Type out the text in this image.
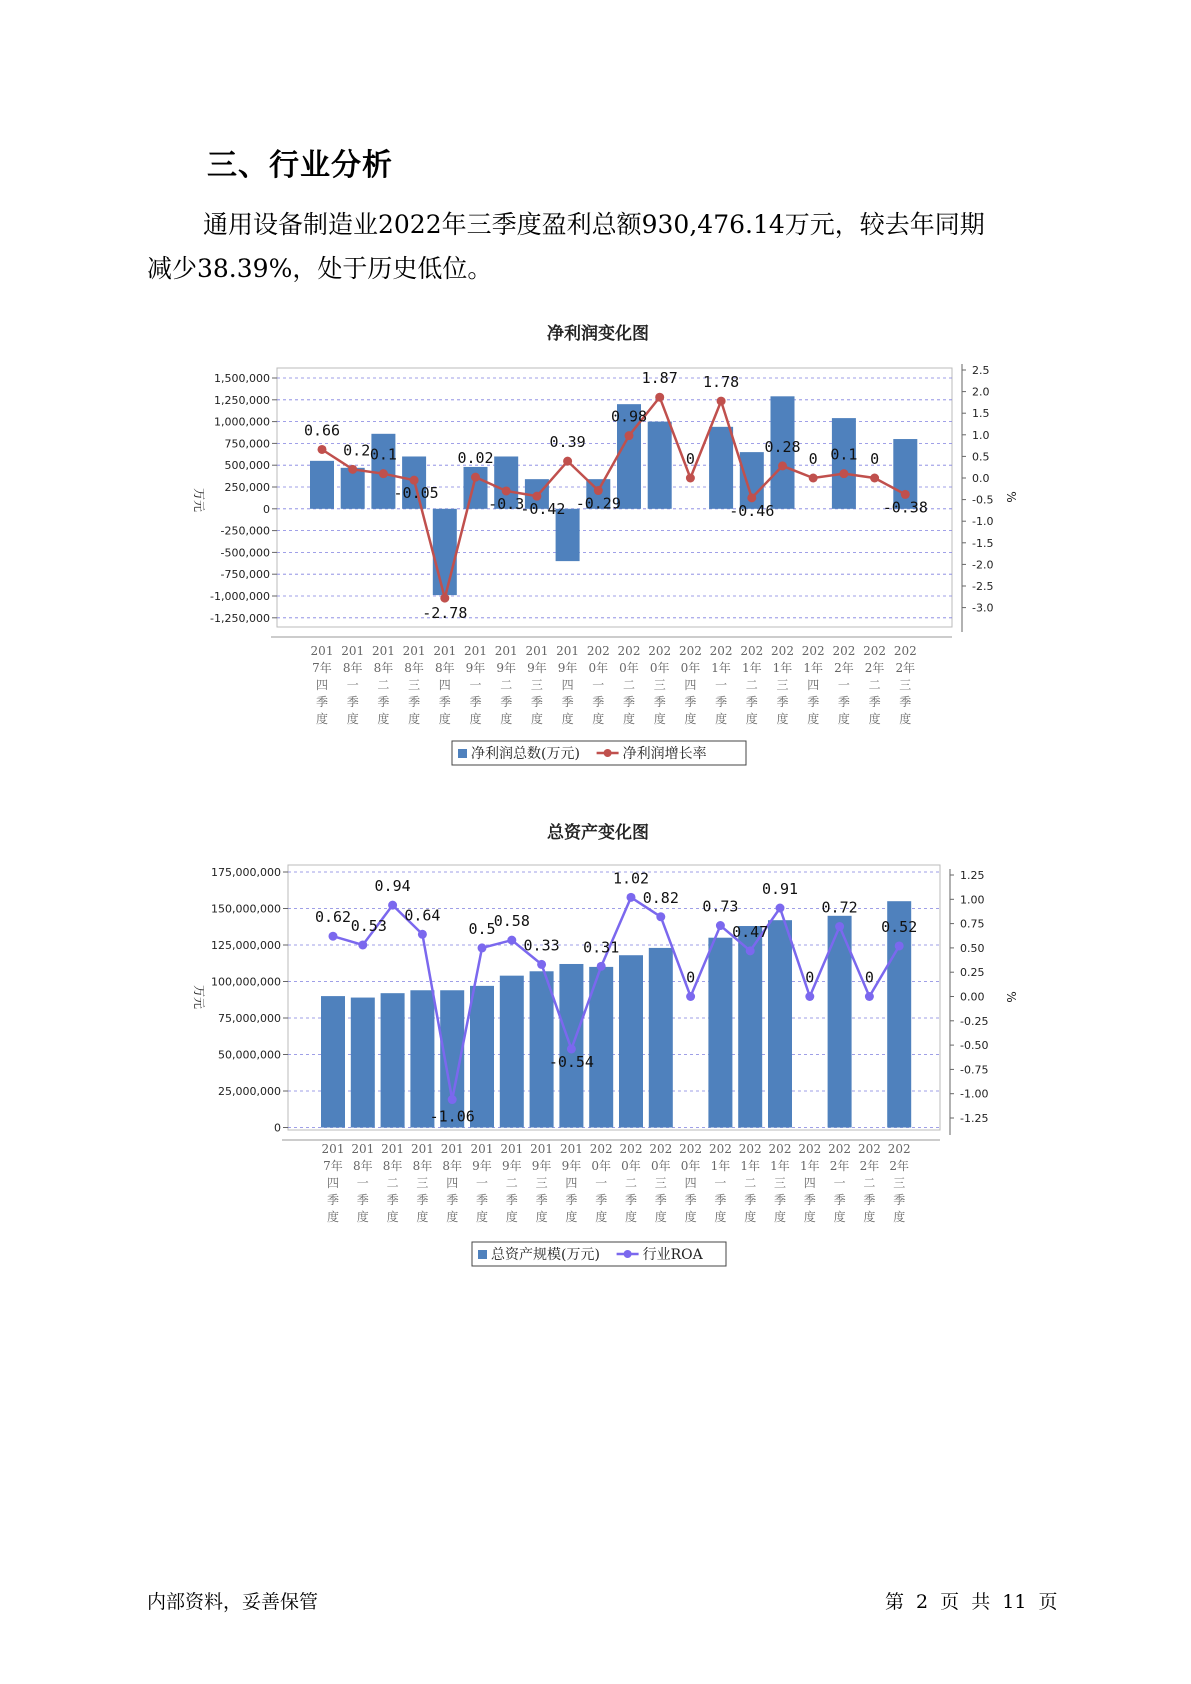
三、行业分析
通用设备制造业2022年三季度盈利总额930,476.14万元，较去年同期
减少38.39%，处于历史低位。
净利润变化图
1,500,000
1,250,000
1,000,000
750,000
500,000
250,000
0
-250,000
-500,000
-750,000
-1,000,000
-1,250,000
2.5
2.0
1.5
1.0
0.5
0.0
-0.5
-1.0
-1.5
-2.0
-2.5
-3.0
万元	%
0.66
0.2 0.1
-0.05
-2.78
0.02
-0.3
-0.42
0.39
-0.29
0.98
1.87
0
1.78
-0.46
0.28
0 0.1 0
-0.38
201
7年
四
季
度
201
8年
一
季
度
201
8年
二
季
度
201
8年
三
季
度
201
8年
四
季
度
201
9年
一
季
度
201
9年
二
季
度
201
9年
三
季
度
201
9年
四
季
度
202
0年
一
季
度
202
0年
二
季
度
202
0年
三
季
度
202
0年
四
季
度
202
1年
一
季
度
202
1年
二
季
度
202
1年
三
季
度
202
1年
四
季
度
202
2年
一
季
度
202
2年
二
季
度
202
2年
三
季
度
净利润总数(万元)	净利润增长率
总资产变化图
175,000,000
150,000,000
125,000,000
100,000,000
75,000,000
50,000,000
25,000,000
0
1.25
1.00
0.75
0.50
0.25
0.00
-0.25
-0.50
-0.75
-1.00
-1.25
万元	%
0.62 0.53
0.94
0.64
-1.06
0.5
0.58
0.33
-0.54
0.31
1.02
0.82
0
0.73
0.47
0.91
0
0.72
0
0.52
201
7年
四
季
度
201
8年
一
季
度
201
8年
二
季
度
201
8年
三
季
度
201
8年
四
季
度
201
9年
一
季
度
201
9年
二
季
度
201
9年
三
季
度
201
9年
四
季
度
202
0年
一
季
度
202
0年
二
季
度
202
0年
三
季
度
202
0年
四
季
度
202
1年
一
季
度
202
1年
二
季
度
202
1年
三
季
度
202
1年
四
季
度
202
2年
一
季
度
202
2年
二
季
度
202
2年
三
季
度
总资产规模(万元)	行业ROA
内部资料，妥善保管	第 2 页 共 11 页
